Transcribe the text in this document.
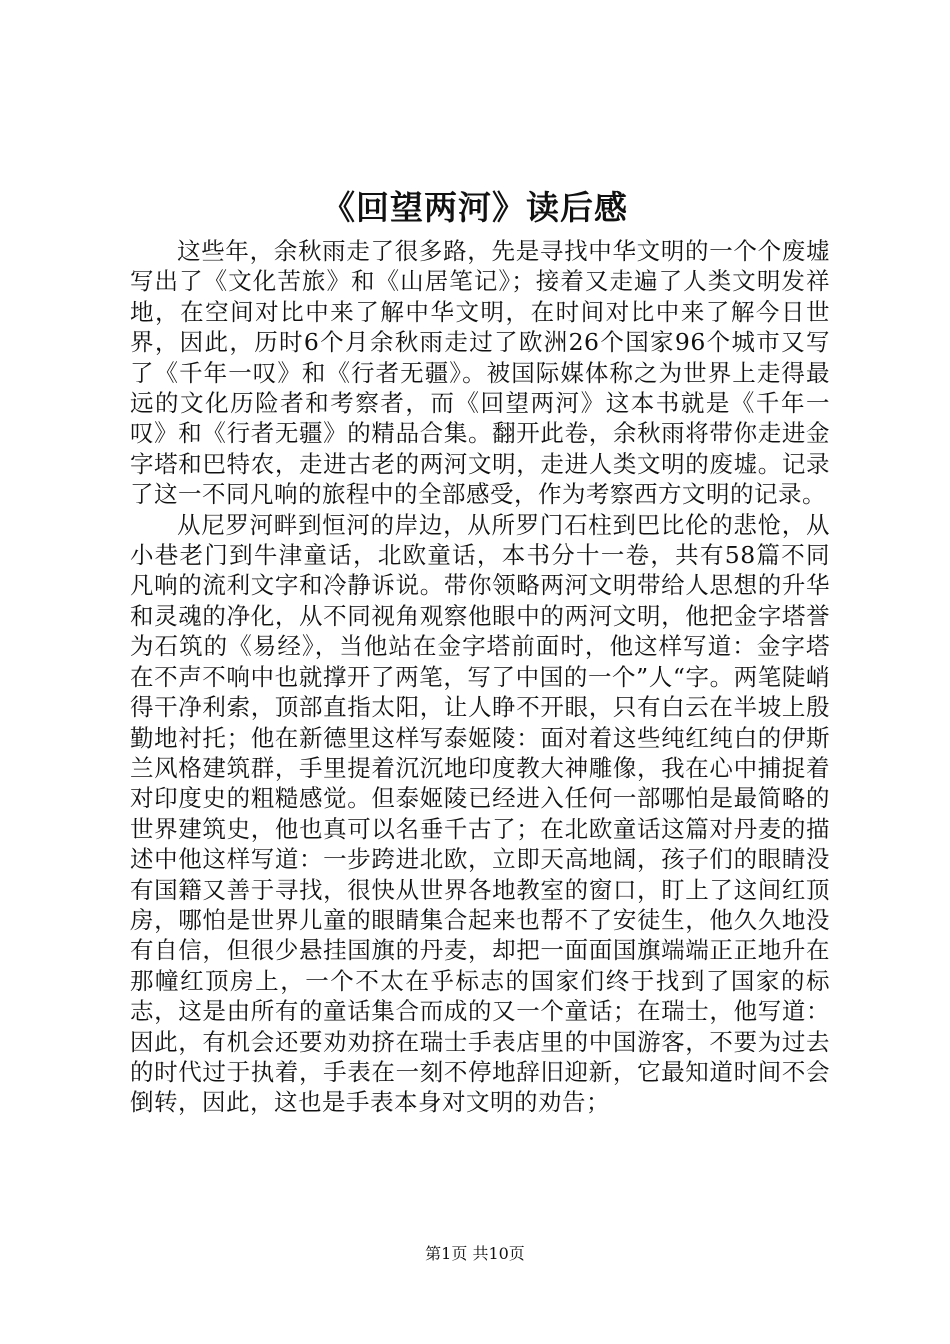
《回望两河》读后感

这些年，余秋雨走了很多路，先是寻找中华文明的一个个废墟写出了《文化苦旅》和《山居笔记》；接着又走遍了人类文明发祥地，在空间对比中来了解中华文明，在时间对比中来了解今日世界，因此，历时6个月余秋雨走过了欧洲26个国家96个城市又写了《千年一叹》和《行者无疆》。被国际媒体称之为世界上走得最远的文化历险者和考察者，而《回望两河》这本书就是《千年一叹》和《行者无疆》的精品合集。翻开此卷，余秋雨将带你走进金字塔和巴特农，走进古老的两河文明，走进人类文明的废墟。记录了这一不同凡响的旅程中的全部感受，作为考察西方文明的记录。

从尼罗河畔到恒河的岸边，从所罗门石柱到巴比伦的悲怆，从小巷老门到牛津童话，北欧童话，本书分十一卷，共有58篇不同凡响的流利文字和冷静诉说。带你领略两河文明带给人思想的升华和灵魂的净化，从不同视角观察他眼中的两河文明，他把金字塔誉为石筑的《易经》，当他站在金字塔前面时，他这样写道：金字塔在不声不响中也就撑开了两笔，写了中国的一个”人“字。两笔陡峭得干净利索，顶部直指太阳，让人睁不开眼，只有白云在半坡上殷勤地衬托；他在新德里这样写泰姬陵：面对着这些纯红纯白的伊斯兰风格建筑群，手里提着沉沉地印度教大神雕像，我在心中捕捉着对印度史的粗糙感觉。但泰姬陵已经进入任何一部哪怕是最简略的世界建筑史，他也真可以名垂千古了；在北欧童话这篇对丹麦的描述中他这样写道：一步跨进北欧，立即天高地阔，孩子们的眼睛没有国籍又善于寻找，很快从世界各地教室的窗口，盯上了这间红顶房，哪怕是世界儿童的眼睛集合起来也帮不了安徒生，他久久地没有自信，但很少悬挂国旗的丹麦，却把一面面国旗端端正正地升在那幢红顶房上，一个不太在乎标志的国家们终于找到了国家的标志，这是由所有的童话集合而成的又一个童话；在瑞士，他写道：因此，有机会还要劝劝挤在瑞士手表店里的中国游客，不要为过去的时代过于执着，手表在一刻不停地辞旧迎新，它最知道时间不会倒转，因此，这也是手表本身对文明的劝告；

第1页 共10页
